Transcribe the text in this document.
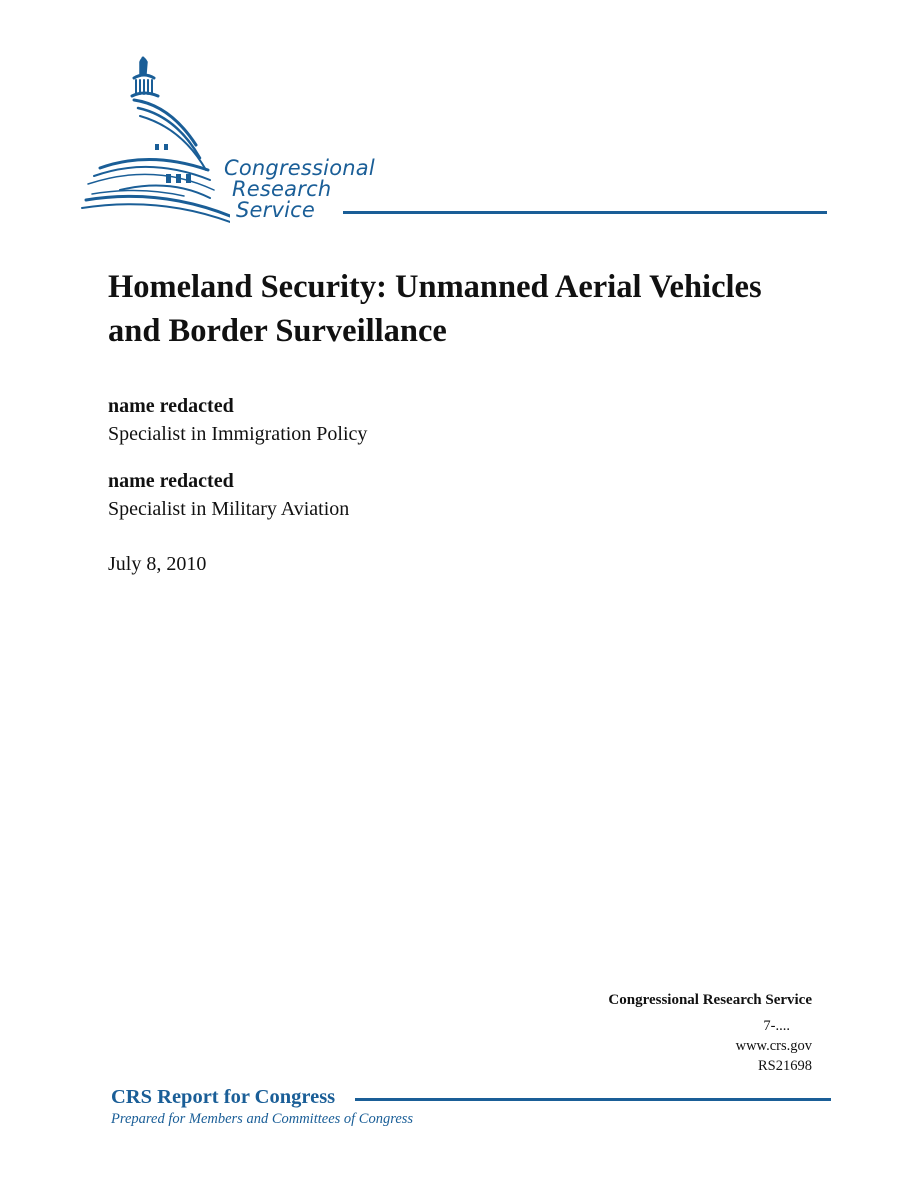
Congressional
Research
Service
Homeland Security: Unmanned Aerial Vehicles and Border Surveillance
name redacted
Specialist in Immigration Policy
name redacted
Specialist in Military Aviation
July 8, 2010
Congressional Research Service
7-....
www.crs.gov
RS21698
CRS Report for Congress
Prepared for Members and Committees of Congress
